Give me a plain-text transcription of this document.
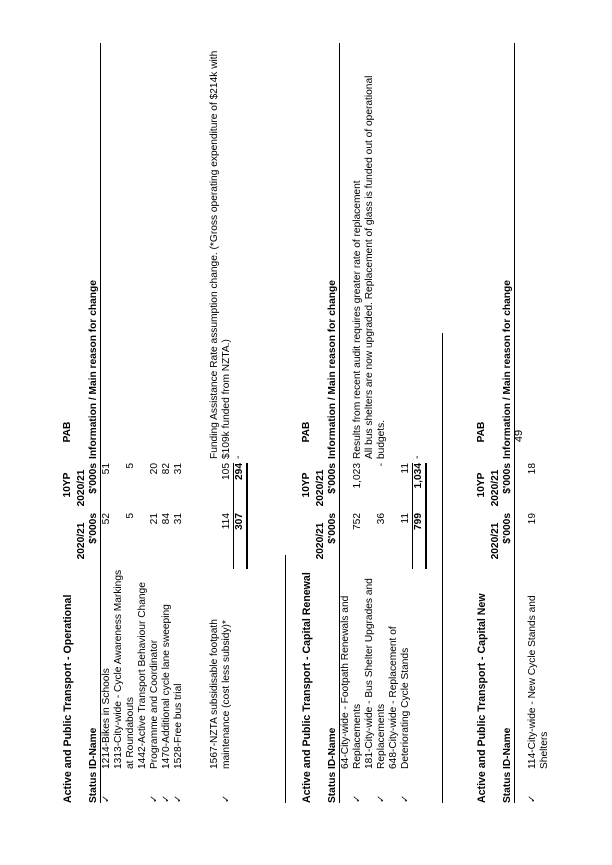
Active and Public Transport - Operational
10YP
PAB
2020/21
2020/21
Status
ID-Name
$'000s
$'000s
Information / Main reason for change
✓
1214-Bikes in Schools
52
51
1313-City-wide - Cycle Awareness Markings at Roundabouts
5
5
✓
1442-Active Transport Behaviour Change Programme and Coordinator
21
20
✓
1470-Additional cycle lane sweeping
84
82
✓
1528-Free bus trial
31
31
✓
1567-NZTA subsidisable footpath maintenance (cost less subsidy)*
114
105
Funding Assistance Rate assumption change. (*Gross operating expenditure of $214k with $109k funded from NZTA.)
307
294
-
Active and Public Transport - Capital Renewal
10YP
PAB
2020/21
2020/21
Status
ID-Name
$'000s
$'000s
Information / Main reason for change
✓
64-City-wide - Footpath Renewals and Replacements
752
1,023
Results from recent audit requires greater rate of replacement
✓
181-City-wide - Bus Shelter Upgrades and Replacements
36
-
All bus shelters are now upgraded. Replacement of glass is funded out of operational budgets.
✓
648-City-wide - Replacement of Deteriorating Cycle Stands
11
11
799
1,034
-
Active and Public Transport - Capital New
10YP
PAB
2020/21
2020/21
Status
ID-Name
$'000s
$'000s
Information / Main reason for change
✓
114-City-wide - New Cycle Stands and Shelters
19
18
49
